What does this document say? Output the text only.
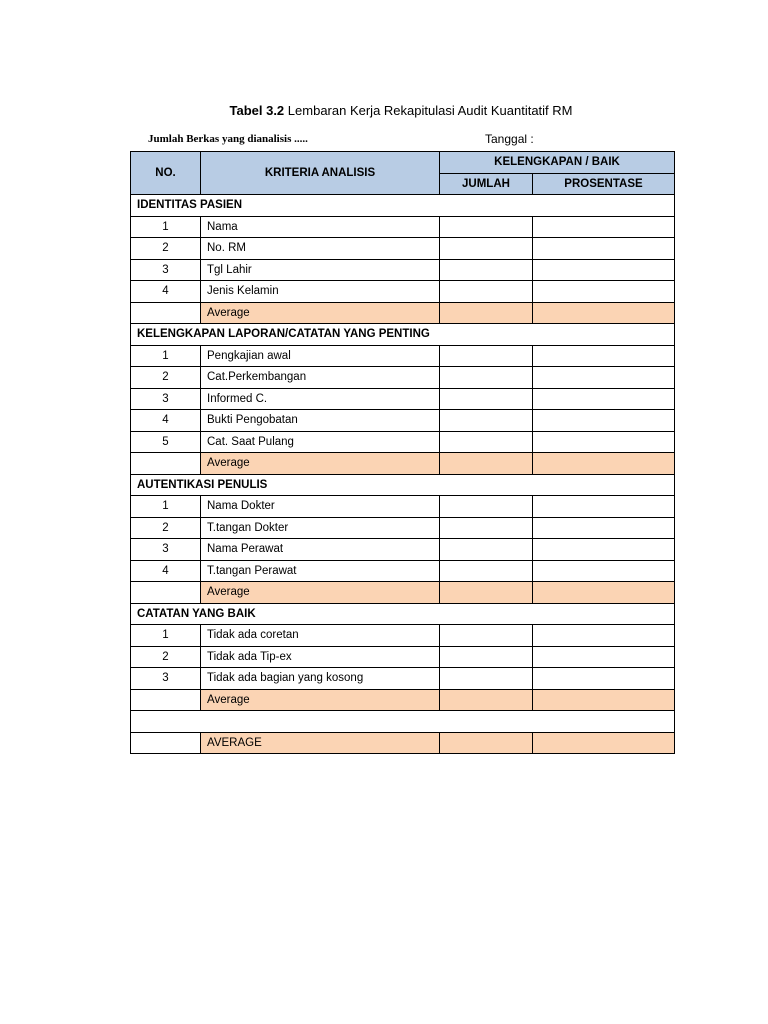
Tabel 3.2 Lembaran Kerja Rekapitulasi Audit Kuantitatif RM
Jumlah Berkas yang dianalisis .....	Tanggal :
NO.	KRITERIA ANALISIS	KELENGKAPAN / BAIK	
		JUMLAH	PROSENTASE
IDENTITAS PASIEN			
1	Nama		
2	No. RM		
3	Tgl Lahir		
4	Jenis Kelamin		
	Average		
KELENGKAPAN LAPORAN/CATATAN YANG PENTING			
1	Pengkajian awal		
2	Cat.Perkembangan		
3	Informed C.		
4	Bukti Pengobatan		
5	Cat. Saat Pulang		
	Average		
AUTENTIKASI PENULIS			
1	Nama Dokter		
2	T.tangan Dokter		
3	Nama Perawat		
4	T.tangan Perawat		
	Average		
CATATAN YANG BAIK			
1	Tidak ada coretan		
2	Tidak ada Tip-ex		
3	Tidak ada bagian yang kosong		
	Average		

	AVERAGE		
